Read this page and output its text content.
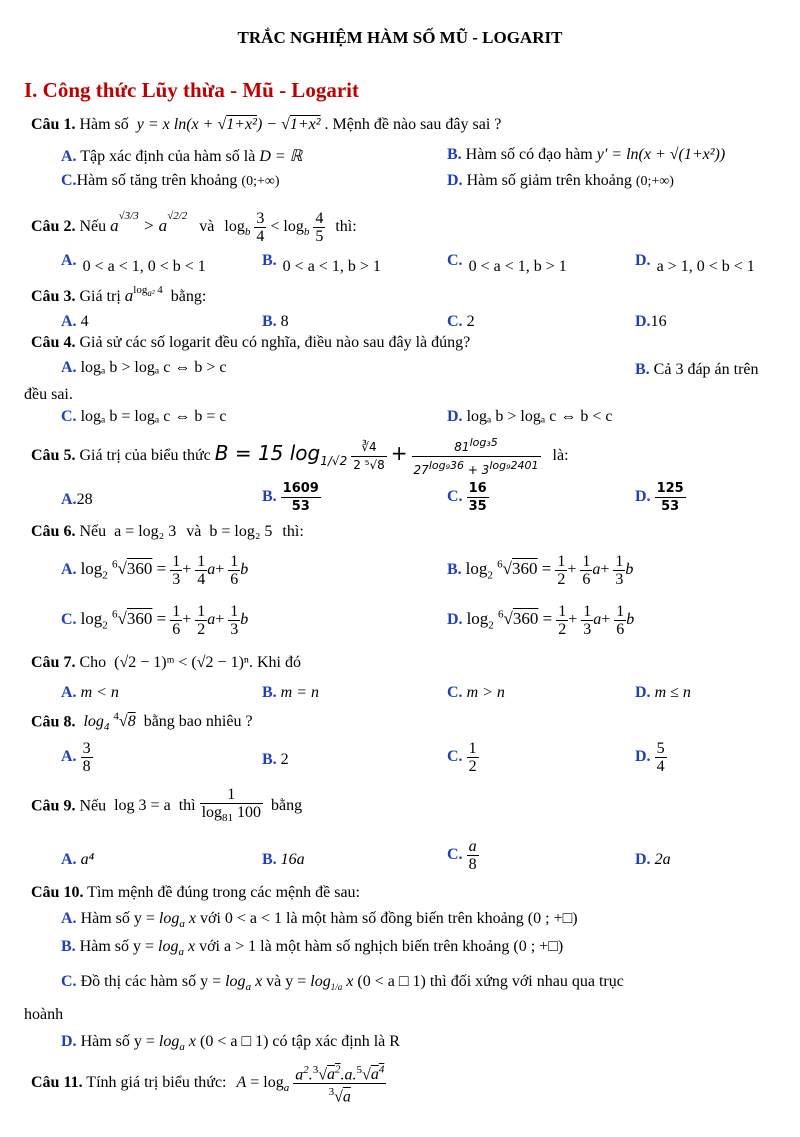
TRẮC NGHIỆM HÀM SỐ MŨ - LOGARIT
I. Công thức Lũy thừa - Mũ - Logarit
Câu 1. Hàm số y = x ln(x + √1+x²) − √1+x² . Mệnh đề nào sau đây sai ?
A. Tập xác định của hàm số là D = ℝ	B. Hàm số có đạo hàm y' = ln(x + √(1+x²))
C.Hàm số tăng trên khoảng (0;+∞)	D. Hàm số giảm trên khoảng (0;+∞)
Câu 2. Nếu $a^{√3/3} > a^{√2/2}$ và $\log_b \frac{3}{4} < \log_b \frac{4}{5}$ thì:
A. 0 < a < 1, 0 < b < 1	B. 0 < a < 1, b > 1	C. 0 < a < 1, b > 1	D. a > 1, 0 < b < 1
Câu 3. Giá trị $a^{log_{a^2} 4}$ bằng:
A. 4	B. 8	C. 2	D.16
Câu 4. Giả sử các số logarit đều có nghĩa, điều nào sau đây là đúng?
A. logₐ b > logₐ c ⇔ b > c	B. Cả 3 đáp án trên
đều sai.
C. logₐ b = logₐ c ⇔ b = c	D. logₐ b > logₐ c ⇔ b < c
Câu 5. Giá trị của biểu thức B = 15 $\log_{1/√2} \frac{∛4}{\text{2 ⁵√8}} + \frac{81^{log_35}}{27^{log_936} + 3^{log_92401}}$ là:
A.28	B. $\frac{1609}{53}$	C. $\frac{16}{35}$	D. $\frac{125}{53}$
Câu 6. Nếu a = log₂ 3 và b = log₂ 5 thì:
A. $\log_2 ^6√360 = \frac{1}{3} + \frac{1}{4} a+ \frac{1}{6}$ b	B. $\log_2 ^6√360 = \frac{1}{2} + \frac{1}{6} a+ \frac{1}{3}$ b
C. $\log_2 ^6√360 = \frac{1}{6} + \frac{1}{2} a+ \frac{1}{3}$ b	D. $\log_2 ^6√360 = \frac{1}{2} + \frac{1}{3} a+ \frac{1}{6}$ b
Câu 7. Cho (√2 − 1)ᵐ < (√2 − 1)ⁿ. Khi đó
A. m < n	B. m = n	C. m > n	D. m ≤ n
Câu 8. $\log_4 ^4√8$ bằng bao nhiêu ?
A. $\frac{3}{8}$	B. 2	C. $\frac{1}{2}$	D. $\frac{5}{4}$
Câu 9. Nếu log 3 = a thì $\frac{1}{\log_{81} 100}$ bằng
A. a⁴	B. 16a	C. $\frac{a}{8}$	D. 2a
Câu 10. Tìm mệnh đề đúng trong các mệnh đề sau:
A. Hàm số $y = \log_a x$ với 0 < a < 1 là một hàm số đồng biến trên khoảng (0 ; +□)
B. Hàm số $y = \log_a x$ với a > 1 là một hàm số nghịch biến trên khoảng (0 ; +□)
C. Đồ thị các hàm số $y = \log_a x$ và $y = \log_{1/a} x$ (0 < a □ 1) thì đối xứng với nhau qua trục
hoành
D. Hàm số $y = \log_a x$ (0 < a □ 1) có tập xác định là R
Câu 11. Tính giá trị biểu thức: $A = \log_a \frac{a^2.^3√a^2.a.^5√a^4}{^3√a}$
